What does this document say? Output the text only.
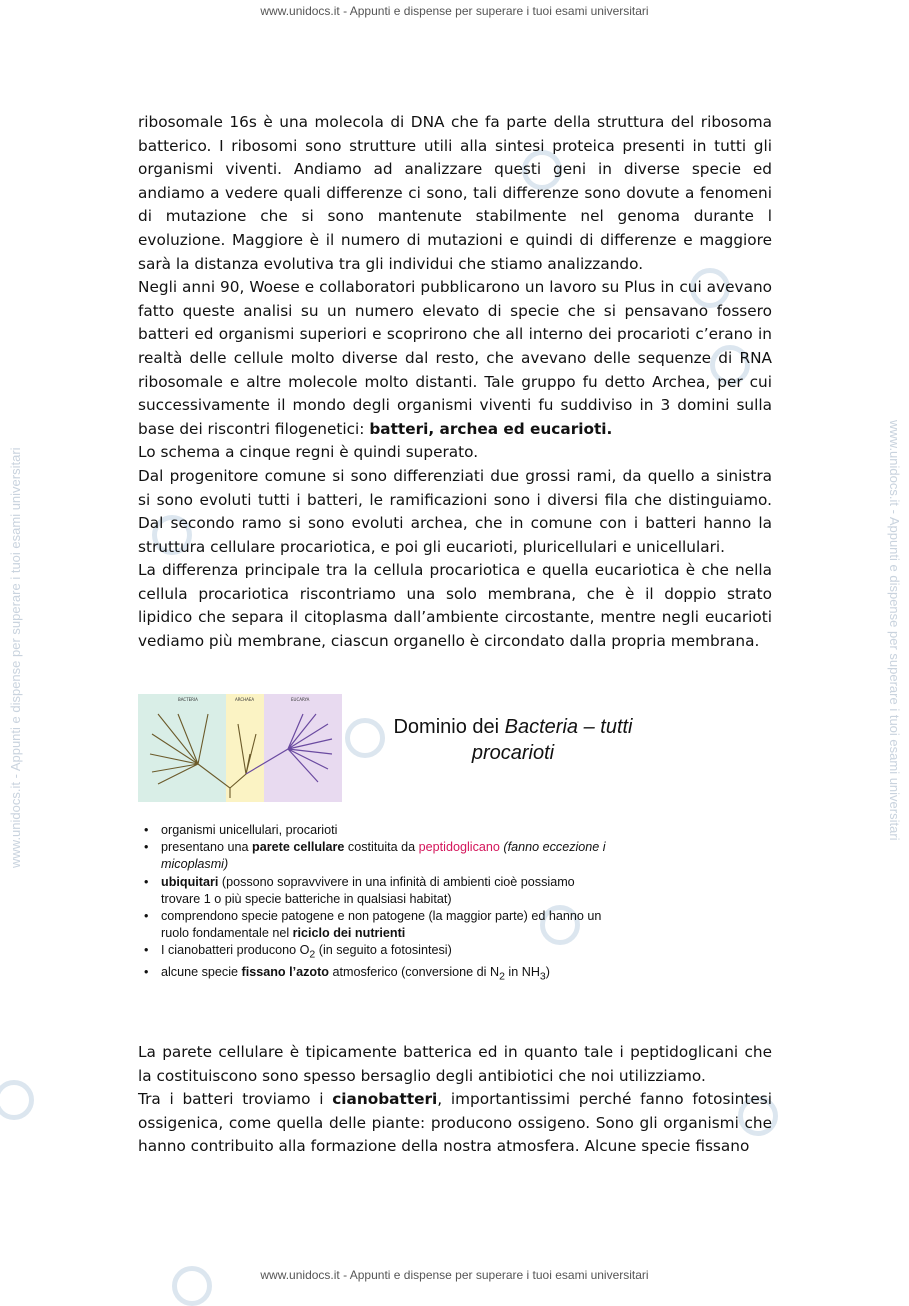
www.unidocs.it - Appunti e dispense per superare i tuoi esami universitari
www.unidocs.it - Appunti e dispense per superare i tuoi esami universitari
www.unidocs.it - Appunti e dispense per superare i tuoi esami universitari	www.unidocs.it - Appunti e dispense per superare i tuoi esami universitari

ribosomale 16s è una molecola di DNA che fa parte della struttura del ribosoma batterico. I ribosomi sono strutture utili alla sintesi proteica presenti in tutti gli organismi viventi. Andiamo ad analizzare questi geni in diverse specie ed andiamo a vedere quali differenze ci sono, tali differenze sono dovute a fenomeni di mutazione che si sono mantenute stabilmente nel genoma durante l evoluzione. Maggiore è il numero di mutazioni e quindi di differenze e maggiore sarà la distanza evolutiva tra gli individui che stiamo analizzando.

Negli anni 90, Woese e collaboratori pubblicarono un lavoro su Plus in cui avevano fatto queste analisi su un numero elevato di specie che si pensavano fossero batteri ed organismi superiori e scoprirono che all interno dei procarioti c’erano in realtà delle cellule molto diverse dal resto, che avevano delle sequenze di RNA ribosomale e altre molecole molto distanti. Tale gruppo fu detto Archea, per cui successivamente il mondo degli organismi viventi fu suddiviso in 3 domini sulla base dei riscontri filogenetici: batteri, archea ed eucarioti.

Lo schema a cinque regni è quindi superato.

Dal progenitore comune si sono differenziati due grossi rami, da quello a sinistra si sono evoluti tutti i batteri, le ramificazioni sono i diversi fila che distinguiamo. Dal secondo ramo si sono evoluti archea, che in comune con i batteri hanno la struttura cellulare procariotica, e poi gli eucarioti, pluricellulari e unicellulari.

La differenza principale tra la cellula procariotica e quella eucariotica è che nella cellula procariotica riscontriamo una solo membrana, che è il doppio strato lipidico che separa il citoplasma dall’ambiente circostante, mentre negli eucarioti vediamo più membrane, ciascun organello è circondato dalla propria membrana.

BACTERIA	ARCHAEA	EUCARYA
Dominio dei Bacteria – tutti
procarioti
• organismi unicellulari, procarioti
• presentano una parete cellulare costituita da peptidoglicano (fanno eccezione i micoplasmi)
• ubiquitari (possono sopravvivere in una infinità di ambienti cioè possiamo trovare 1 o più specie batteriche in qualsiasi habitat)
• comprendono specie patogene e non patogene (la maggior parte) ed hanno un ruolo fondamentale nel riciclo dei nutrienti
• I cianobatteri producono $O_2$ (in seguito a fotosintesi)
• alcune specie fissano l’azoto atmosferico (conversione di $N_2$ in $NH_3$)

La parete cellulare è tipicamente batterica ed in quanto tale i peptidoglicani che la costituiscono sono spesso bersaglio degli antibiotici che noi utilizziamo.

Tra i batteri troviamo i cianobatteri, importantissimi perché fanno fotosintesi ossigenica, come quella delle piante: producono ossigeno. Sono gli organismi che hanno contribuito alla formazione della nostra atmosfera. Alcune specie fissano
